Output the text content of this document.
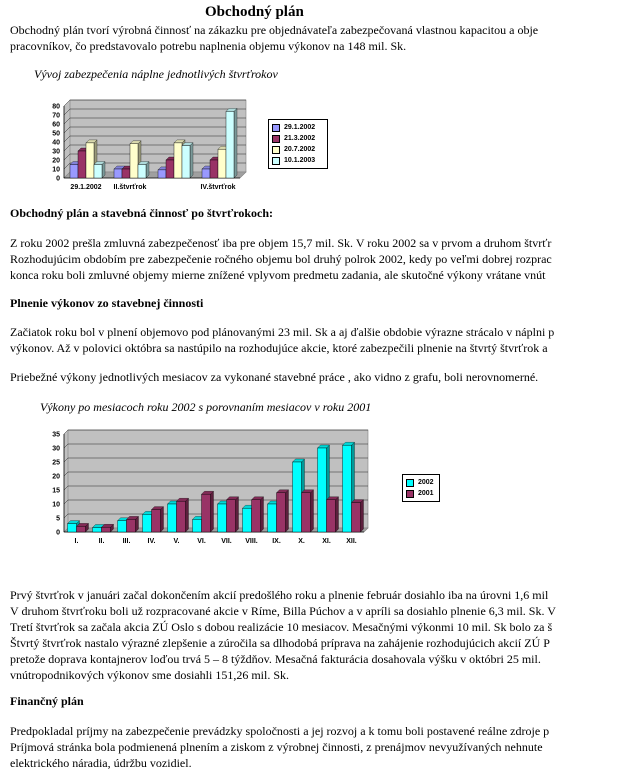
Obchodný plán
Obchodný plán tvorí výrobná činnosť na zákazku pre objednávateľa zabezpečovaná vlastnou kapacitou a obje
pracovníkov, čo predstavovalo potrebu naplnenia objemu výkonov na 148 mil. Sk.
Vývoj zabezpečenia náplne jednotlivých štvrťrokov
0
10
20
30
40
50
60
70
80
29.1.2002 II.štvrťrok	IV.štvrťrok
29.1.2002
21.3.2002
20.7.2002
10.1.2003
Obchodný plán a stavebná činnosť po štvrťrokoch:
Z roku 2002 prešla zmluvná zabezpečenosť iba pre objem 15,7 mil. Sk. V roku 2002 sa v prvom a druhom štvrťr
Rozhodujúcim obdobím pre zabezpečenie ročného objemu bol druhý polrok 2002, kedy po veľmi dobrej rozprac
konca roku boli zmluvné objemy mierne znížené vplyvom predmetu zadania, ale skutočné výkony vrátane vnút
Plnenie výkonov zo stavebnej činnosti
Začiatok roku bol v plnení objemovo pod plánovanými 23 mil. Sk a aj ďalšie obdobie výrazne strácalo v náplni p
výkonov. Až v polovici októbra sa nastúpilo na rozhodujúce akcie, ktoré zabezpečili plnenie na štvrtý štvrťrok a
Priebežné výkony jednotlivých mesiacov za vykonané stavebné práce , ako vidno z grafu, boli nerovnomerné.
Výkony po mesiacoch roku 2002 s porovnaním mesiacov v roku 2001
0
5
10
15
20
25
30
35
I.	II.	III. IV.	V.	VI. VII. VIII. IX. X. XI. XII.
2002
2001
Prvý štvrťrok v januári začal dokončením akcií predošlého roku a plnenie február dosiahlo iba na úrovni 1,6 mil
V druhom štvrťroku boli už rozpracované akcie v Ríme, Billa Púchov a v apríli sa dosiahlo plnenie 6,3 mil. Sk. V
Tretí štvrťrok sa začala akcia ZÚ Oslo s dobou realizácie 10 mesiacov. Mesačnými výkonmi 10 mil. Sk bolo za š
Štvrtý štvrťrok nastalo výrazné zlepšenie a zúročila sa dlhodobá príprava na zahájenie rozhodujúcich akcií ZÚ P
pretože doprava kontajnerov loďou trvá 5 – 8 týždňov. Mesačná fakturácia dosahovala výšku v októbri 25 mil.
vnútropodnikových výkonov sme dosiahli 151,26 mil. Sk.
Finančný plán
Predpokladal príjmy na zabezpečenie prevádzky spoločnosti a jej rozvoj a k tomu boli postavené reálne zdroje p
Príjmová stránka bola podmienená plnením a ziskom z výrobnej činnosti, z prenájmov nevyužívaných nehnute
elektrického náradia, údržbu vozidiel.
